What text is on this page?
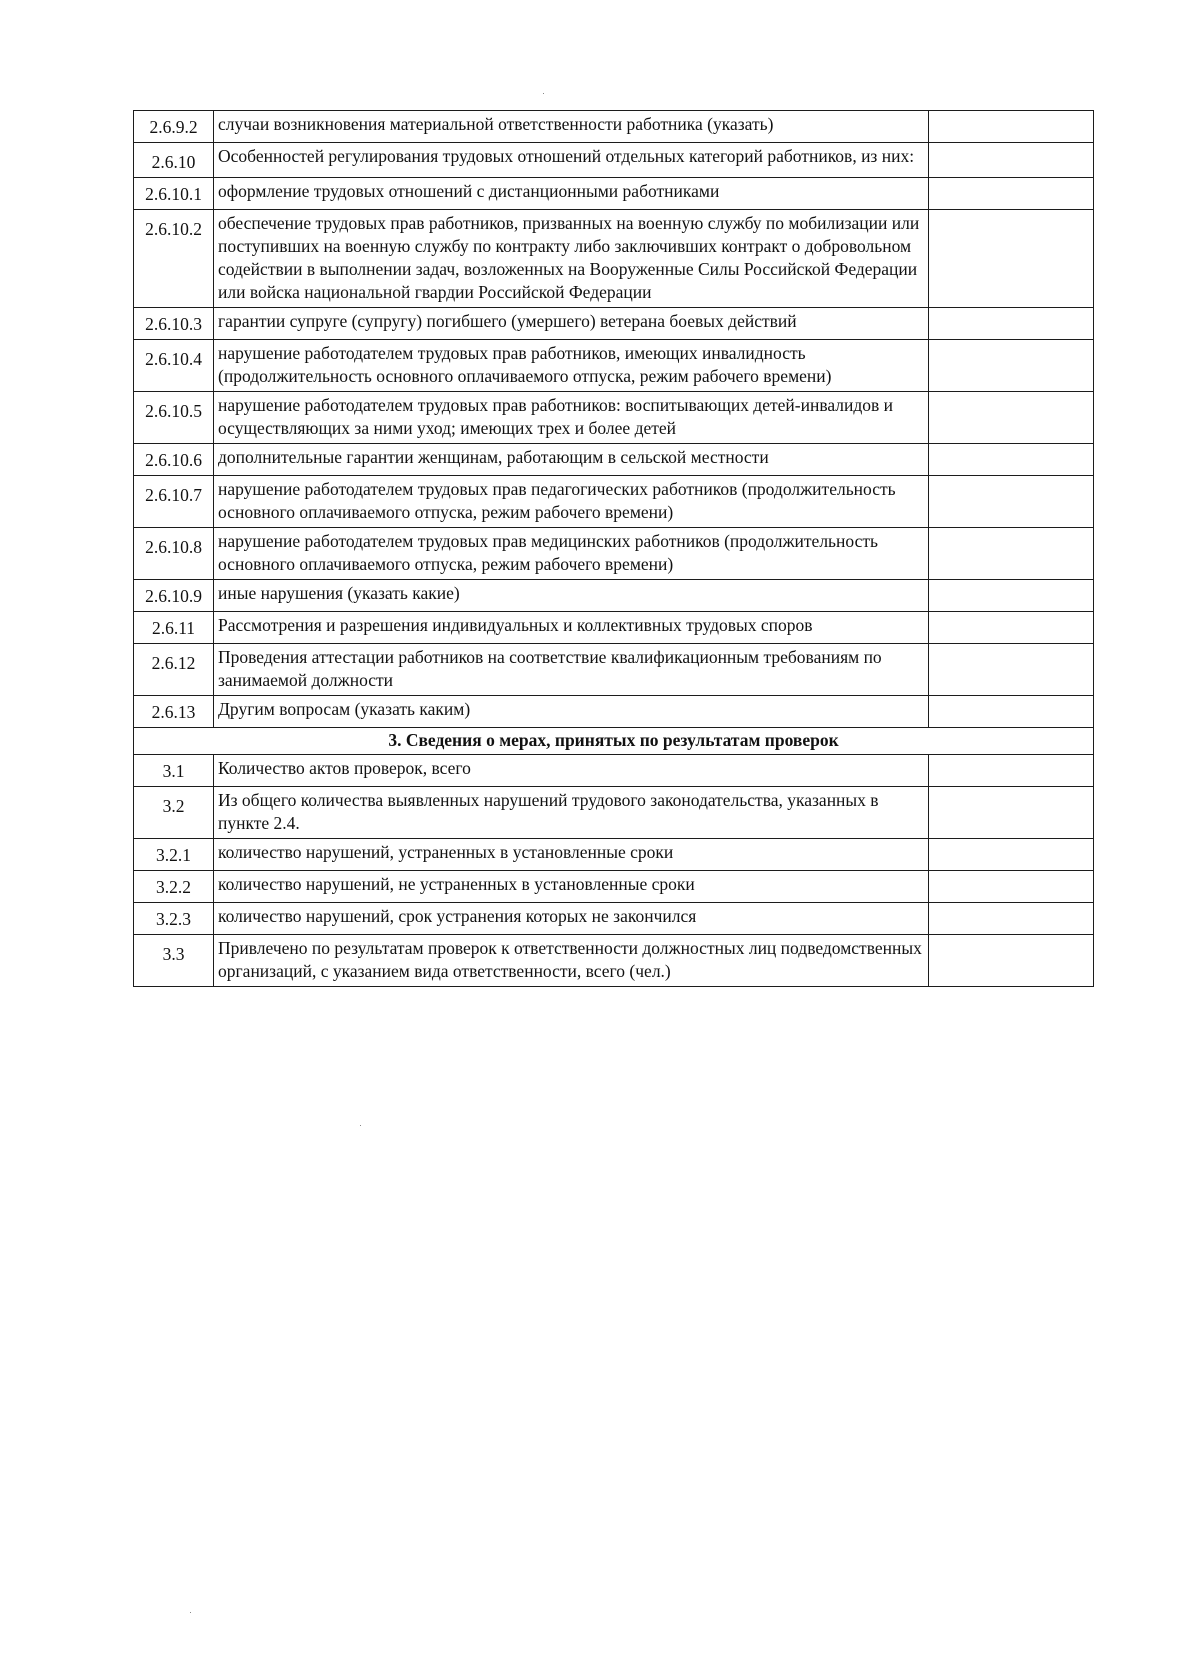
2.6.9.2	случаи возникновения материальной ответственности работника (указать)	
2.6.10	Особенностей регулирования трудовых отношений отдельных категорий работников, из них:	
2.6.10.1	оформление трудовых отношений с дистанционными работниками	
2.6.10.2	обеспечение трудовых прав работников, призванных на военную службу по мобилизации или поступивших на военную службу по контракту либо заключивших контракт о добровольном содействии в выполнении задач, возложенных на Вооруженные Силы Российской Федерации или войска национальной гвардии Российской Федерации	
2.6.10.3	гарантии супруге (супругу) погибшего (умершего) ветерана боевых действий	
2.6.10.4	нарушение работодателем трудовых прав работников, имеющих инвалидность (продолжительность основного оплачиваемого отпуска, режим рабочего времени)	
2.6.10.5	нарушение работодателем трудовых прав работников: воспитывающих детей-инвалидов и осуществляющих за ними уход; имеющих трех и более детей	
2.6.10.6	дополнительные гарантии женщинам, работающим в сельской местности	
2.6.10.7	нарушение работодателем трудовых прав педагогических работников (продолжительность основного оплачиваемого отпуска, режим рабочего времени)	
2.6.10.8	нарушение работодателем трудовых прав медицинских работников (продолжительность основного оплачиваемого отпуска, режим рабочего времени)	
2.6.10.9	иные нарушения (указать какие)	
2.6.11	Рассмотрения и разрешения индивидуальных и коллективных трудовых споров	
2.6.12	Проведения аттестации работников на соответствие квалификационным требованиям по занимаемой должности	
2.6.13	Другим вопросам (указать каким)	
3. Сведения о мерах, принятых по результатам проверок		
3.1	Количество актов проверок, всего	
3.2	Из общего количества выявленных нарушений трудового законодательства, указанных в пункте 2.4.	
3.2.1	количество нарушений, устраненных в установленные сроки	
3.2.2	количество нарушений, не устраненных в установленные сроки	
3.2.3	количество нарушений, срок устранения которых не закончился	
3.3	Привлечено по результатам проверок к ответственности должностных лиц подведомственных организаций, с указанием вида ответственности, всего (чел.)	
